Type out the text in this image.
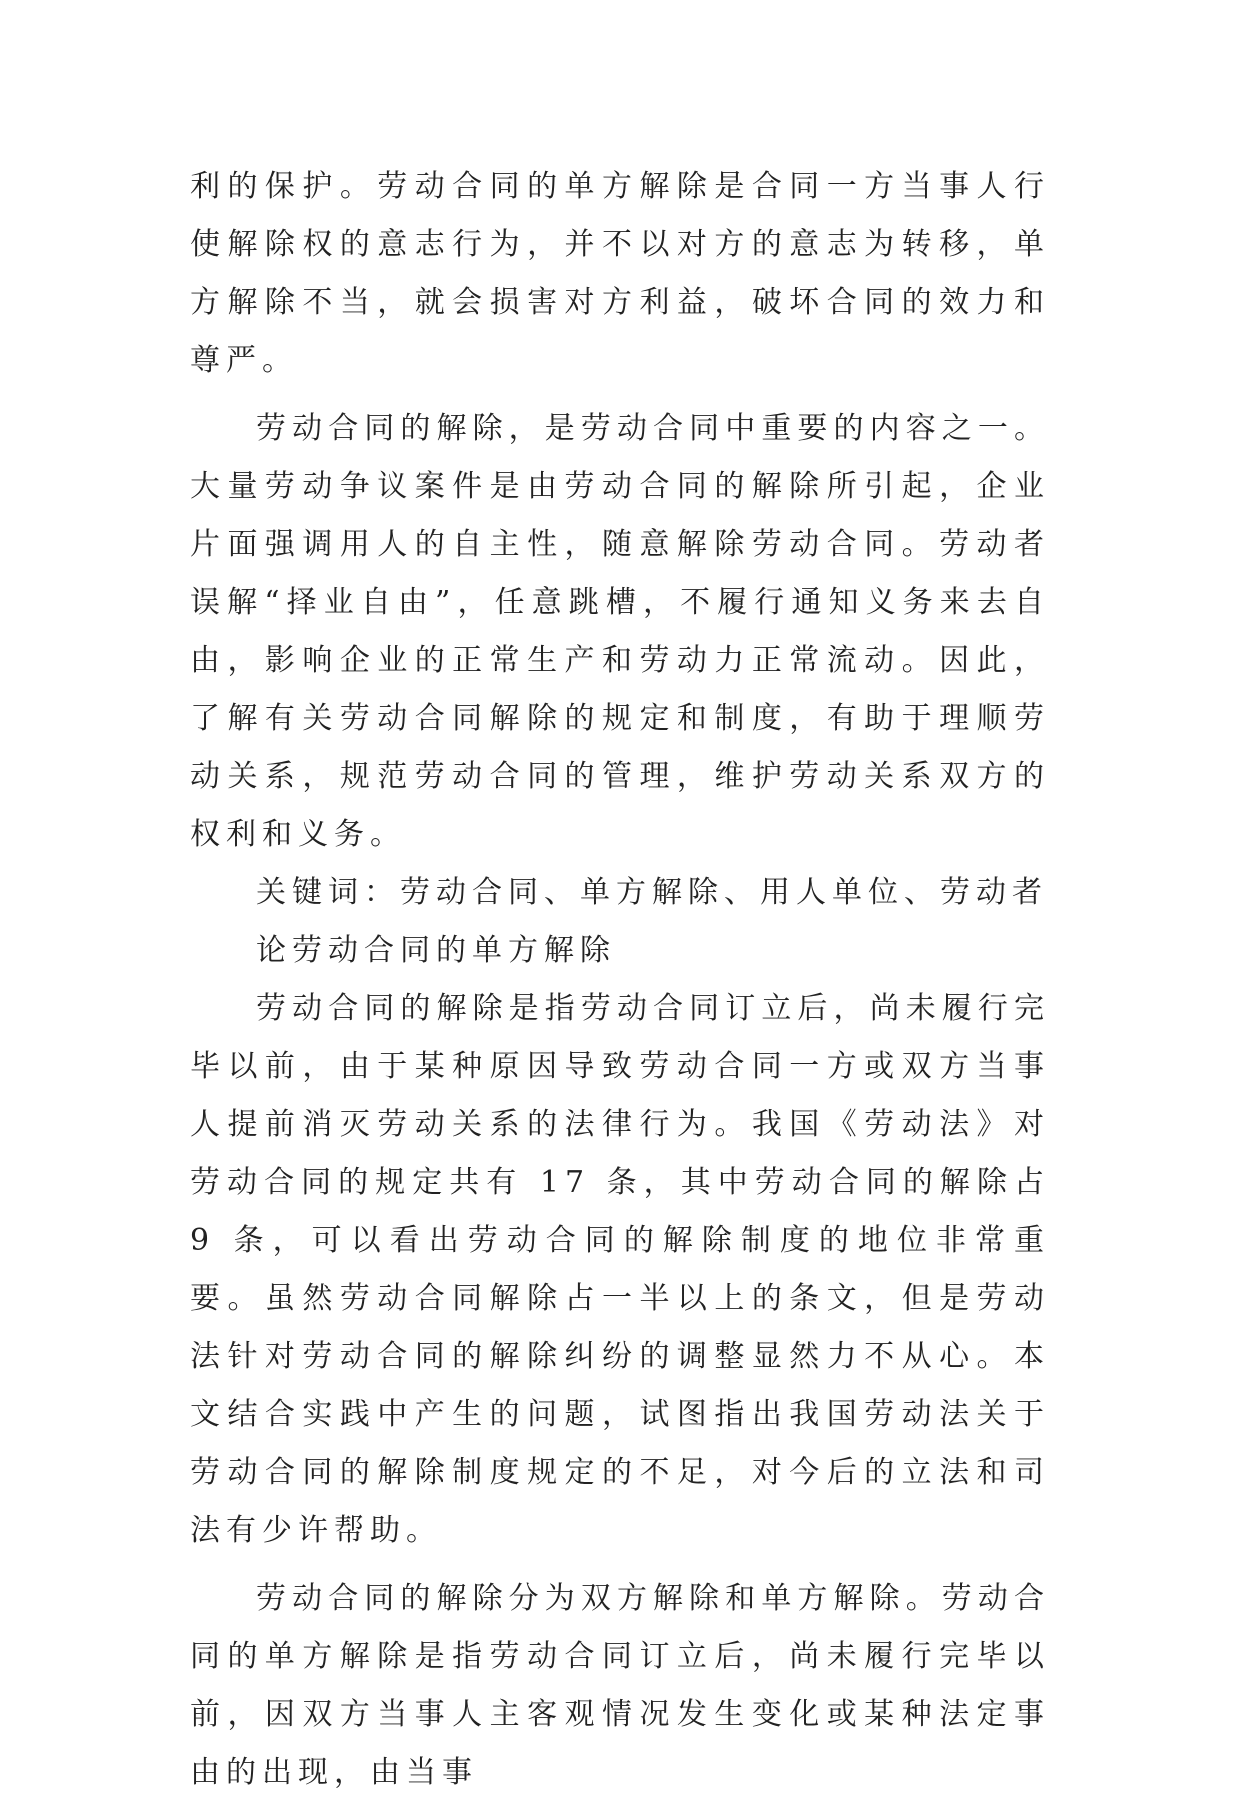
利的保护。劳动合同的单方解除是合同一方当事人行使解除权的意志行为，并不以对方的意志为转移，单方解除不当，就会损害对方利益，破坏合同的效力和尊严。

劳动合同的解除，是劳动合同中重要的内容之一。大量劳动争议案件是由劳动合同的解除所引起，企业片面强调用人的自主性，随意解除劳动合同。劳动者误解“择业自由”，任意跳槽，不履行通知义务来去自由，影响企业的正常生产和劳动力正常流动。因此，了解有关劳动合同解除的规定和制度，有助于理顺劳动关系，规范劳动合同的管理，维护劳动关系双方的权利和义务。

关键词：劳动合同、单方解除、用人单位、劳动者

论劳动合同的单方解除

劳动合同的解除是指劳动合同订立后，尚未履行完毕以前，由于某种原因导致劳动合同一方或双方当事人提前消灭劳动关系的法律行为。我国《劳动法》对劳动合同的规定共有 17 条，其中劳动合同的解除占 9 条，可以看出劳动合同的解除制度的地位非常重要。虽然劳动合同解除占一半以上的条文，但是劳动法针对劳动合同的解除纠纷的调整显然力不从心。本文结合实践中产生的问题，试图指出我国劳动法关于劳动合同的解除制度规定的不足，对今后的立法和司法有少许帮助。

劳动合同的解除分为双方解除和单方解除。劳动合同的单方解除是指劳动合同订立后，尚未履行完毕以前，因双方当事人主客观情况发生变化或某种法定事由的出现，由当事
